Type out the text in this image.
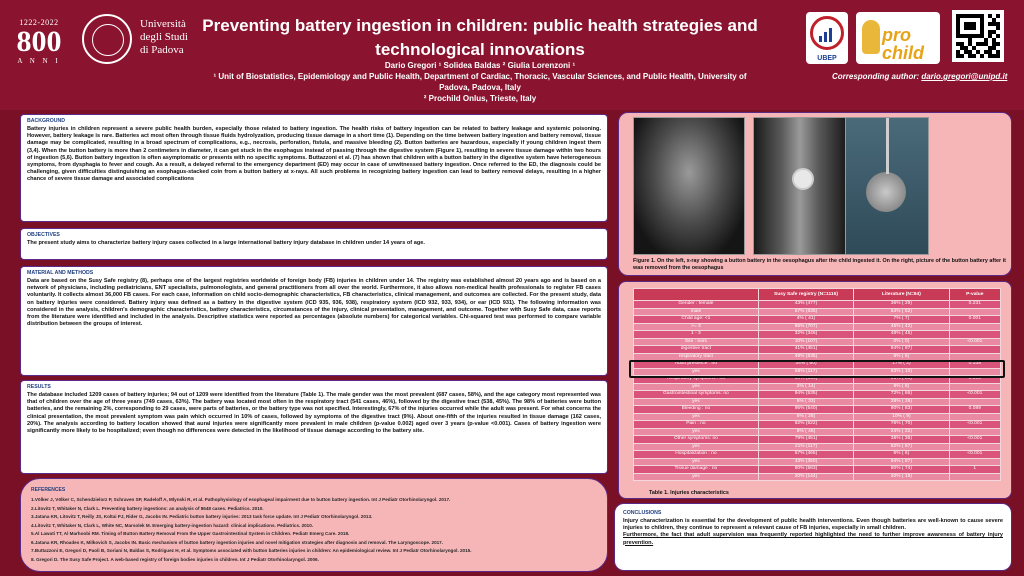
1222-2022
800
A N N I
Università
degli Studi
di Padova
Preventing battery ingestion in children: public health strategies and technological innovations
Dario Gregori ¹ Solidea Baldas ² Giulia Lorenzoni ¹
¹ Unit of Biostatistics, Epidemiology and Public Health, Department of Cardiac, Thoracic, Vascular Sciences, and Public Health, University of Padova, Padova, Italy
² Prochild Onlus, Trieste, Italy
UBEP
pro child
Corresponding author: dario.gregori@unipd.it
BACKGROUND

Battery injuries in children represent a severe public health burden, especially those related to battery ingestion. The health risks of battery ingestion can be related to battery leakage and systemic poisoning. However, battery leakage is rare. Batteries act most often through tissue fluids hydrolyzation, producing tissue damage in a short time (1). Depending on the time between battery ingestion and battery removal, tissue damage may be complicated, resulting in a broad spectrum of complications, e.g., necrosis, perforation, fistula, and massive bleeding (2). Button batteries are hazardous, especially if young children ingest them (3,4). When the button battery is more than 2 centimeters in diameter, it can get stuck in the esophagus instead of passing through the digestive system (Figure 1), resulting in severe tissue damage within two hours of ingestion (5,6). Button battery ingestion is often asymptomatic or presents with no specific symptoms. Buttazzoni et al. (7) has shown that children with a button battery in the digestive system have heterogeneous symptoms, from dysphagia to fever and cough. As a result, a delayed referral to the emergency department (ED) may occur in case of unwitnessed battery ingestion. Once referred to the ED, the diagnosis could be challenging, given difficulties distinguishing an esophagus-stacked coin from a button battery at x-rays. All such problems in recognizing battery ingestion can lead to battery removal delays, resulting in a higher chance of severe tissue damage and associated complications

OBJECTIVES

The present study aims to characterize battery injury cases collected in a large international battery injury database in children under 14 years of age.

MATERIAL AND METHODS

Data are based on the Susy Safe registry (8), perhaps one of the largest registries worldwide of foreign body (FB) injuries in children under 14. The registry was established almost 20 years ago and is based on a network of physicians, including pediatricians, ENT specialists, pulmonologists, and general practitioners from all over the world. Furthermore, it also allows non-medical health professionals to register FB cases voluntarily. It collects almost 36,000 FB cases. For each case, information on child socio-demographic characteristics, FB characteristics, clinical management, and outcomes are collected. For the present study, data on battery injuries were considered. Battery injury was defined as a battery in the digestive system (ICD 935, 936, 938), respiratory system (ICD 932, 933, 934), or ear (ICD 931). The following information was considered in the analysis, children's demographic characteristics, battery characteristics, circumstances of the injury, clinical presentation, management, and outcome. Together with Susy Safe data, case reports from the literature were identified and included in the analysis. Descriptive statistics were reported as percentages (absolute numbers) for categorical variables. Chi-squared test was performed to compare variable distribution between the groups of interest.

RESULTS

The database included 1209 cases of battery injuries; 94 out of 1209 were identified from the literature (Table 1). The male gender was the most prevalent (687 cases, 58%), and the age category most represented was that of children over the age of three years (749 cases, 63%). The battery was located most often in the respiratory tract (541 cases, 46%), followed by the digestive tract (538, 45%). The 98% of batteries were button batteries, and the remaining 2%, corresponding to 29 cases, were parts of batteries, or the battery type was not specified. Interestingly, 67% of the injuries occurred while the adult was present. For what concerns the clinical presentation, the most prevalent symptom was pain which occurred in 10% of cases, followed by symptoms of the digestive tract (9%). About one-fifth of the injuries resulted in tissue damage (162 cases, 20%). The analysis according to battery location showed that aural injuries were significantly more prevalent in male children (p-value 0.002) aged over 3 years (p-value <0.001). Cases of battery ingestion were significantly more likely to be hospitalized; even though no differences were detected in the likelihood of tissue damage according to the battery site.

REFERENCES

1.Völker J, Völker C, Schendzielorz P, Schraven SP, Radeloff A, Mlynski R, et al. Pathophysiology of esophageal impairment due to button battery ingestion. Int J Pediatr Otorhinolaryngol. 2017.

2.Litovitz T, Whitaker N, Clark L. Preventing battery ingestions: an analysis of 8648 cases. Pediatrics. 2010.

3.Jatana KR, Litovitz T, Reilly JS, Koltai PJ, Rider G, Jacobs IN. Pediatric button battery injuries: 2013 task force update. Int J Pediatr Otorhinolaryngol. 2013.

4.Litovitz T, Whitaker N, Clark L, White NC, Marsolek M. Emerging battery-ingestion hazard: clinical implications. Pediatrics. 2010.

5.Al Lawati TT, Al Marhoobi RM. Timing of Button Battery Removal From the Upper Gastrointestinal System in Children. Pediatr Emerg Care. 2018.

6.Jatana KR, Rhoades K, Milkovich S, Jacobs IN. Basic mechanism of button battery ingestion injuries and novel mitigation strategies after diagnosis and removal. The Laryngoscope. 2017.

7.Buttazzoni E, Gregori D, Paoli B, Soriani N, Baldas S, Rodriguez H, et al. Symptoms associated with button batteries injuries in children: An epidemiological review. Int J Pediatr Otorhinolaryngol. 2015.

8. Gregori D. The Susy Safe Project. A web-based registry of foreign bodies injuries in children. Int J Pediatr Otorhinolaryngol. 2006.

Figure 1. On the left, x-ray showing a button battery in the oesophagus after the child ingested it. On the right, picture of the button battery after it was removed from the oesophagus
	Susy Safe registry (N=1115)	Literature (N=94)	P-value
Gender : female	43% (477)	36% ( 29)	0.231
male	57% (635)	64% ( 52)	
Child age: <1	4% ( 41)	7% ( 7)	0.001
>= 3	65% (707)	45% ( 42)	
1 - 3	32% (346)	48% ( 45)	
Site : ears	10% (107)	0% ( 0)	<0.001
digestive tract	41% (451)	94% ( 87)	
respiratory tract	49% (535)	6% ( 6)	
Adult presence : no	34% ( 60)	17% ( 2)	0.338
yes	66% (117)	83% ( 10)	
Respiratory symptoms : no	98% (554)	91% ( 84)	0.006
yes	2% ( 14)	9% ( 8)	
Gastrointestinal symptoms: no	94% (535)	72% ( 66)	<0.001
yes	6% ( 33)	28% ( 26)	
Bleeding : no	95% (540)	90% ( 83)	0.089
yes	5% ( 28)	10% ( 9)	
Pain : no	92% (522)	76% ( 70)	<0.001
yes	8% ( 46)	24% ( 22)	
Other symptoms: no	79% (451)	38% ( 35)	<0.001
yes	21% (117)	62% ( 57)	
Hospitalization : no	57% (465)	6% ( 6)	<0.001
yes	43% (350)	94% ( 87)	
Tissue damage : no	80% (583)	80% ( 74)	1
yes	20% (144)	20% ( 18)	
Table 1. Injuries characteristics
CONCLUSIONS

Injury characterization is essential for the development of public health interventions. Even though batteries are well-known to cause severe injuries to children, they continue to represent a relevant cause of FB injuries, especially in small children.

Furthermore, the fact that adult supervision was frequently reported highlighted the need to further improve awareness of battery injury prevention.
